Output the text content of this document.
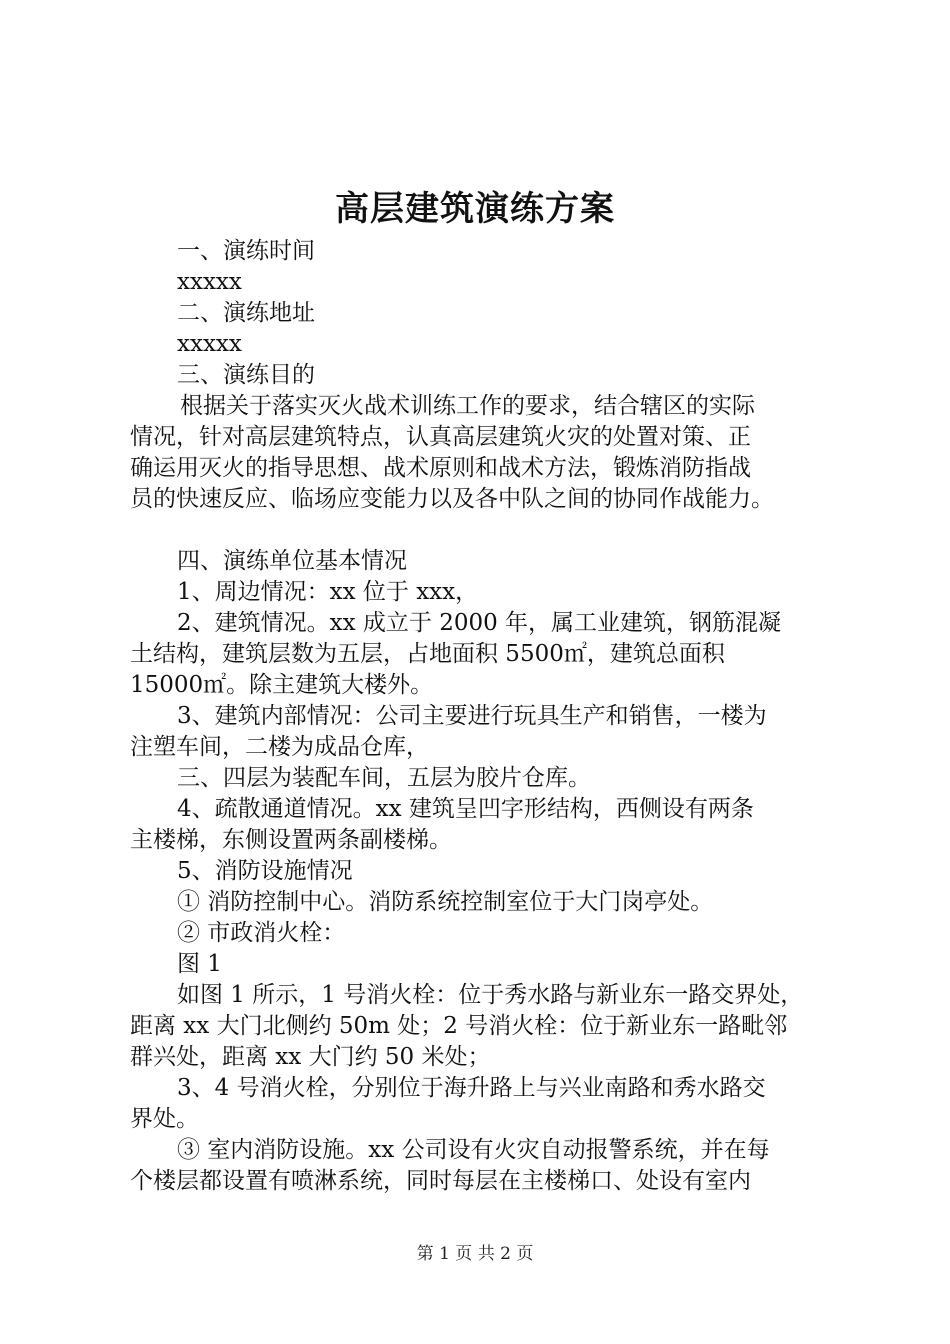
高层建筑演练方案

一、演练时间

xxxxx

二、演练地址

xxxxx

三、演练目的

根据关于落实灭火战术训练工作的要求，结合辖区的实际

情况，针对高层建筑特点，认真高层建筑火灾的处置对策、正

确运用灭火的指导思想、战术原则和战术方法，锻炼消防指战

员的快速反应、临场应变能力以及各中队之间的协同作战能力。

四、演练单位基本情况

1、周边情况：xx 位于 xxx，

2、建筑情况。xx 成立于 2000 年，属工业建筑，钢筋混凝

土结构，建筑层数为五层，占地面积 5500㎡，建筑总面积

15000㎡。除主建筑大楼外。

3、建筑内部情况：公司主要进行玩具生产和销售，一楼为

注塑车间，二楼为成品仓库，

三、四层为装配车间，五层为胶片仓库。

4、疏散通道情况。xx 建筑呈凹字形结构，西侧设有两条

主楼梯，东侧设置两条副楼梯。

5、消防设施情况

① 消防控制中心。消防系统控制室位于大门岗亭处。

② 市政消火栓：

图 1

如图 1 所示，1 号消火栓：位于秀水路与新业东一路交界处，

距离 xx 大门北侧约 50m 处；2 号消火栓：位于新业东一路毗邻

群兴处，距离 xx 大门约 50 米处；

3、4 号消火栓，分别位于海升路上与兴业南路和秀水路交

界处。

③ 室内消防设施。xx 公司设有火灾自动报警系统，并在每

个楼层都设置有喷淋系统，同时每层在主楼梯口、处设有室内

第 1 页 共 2 页
